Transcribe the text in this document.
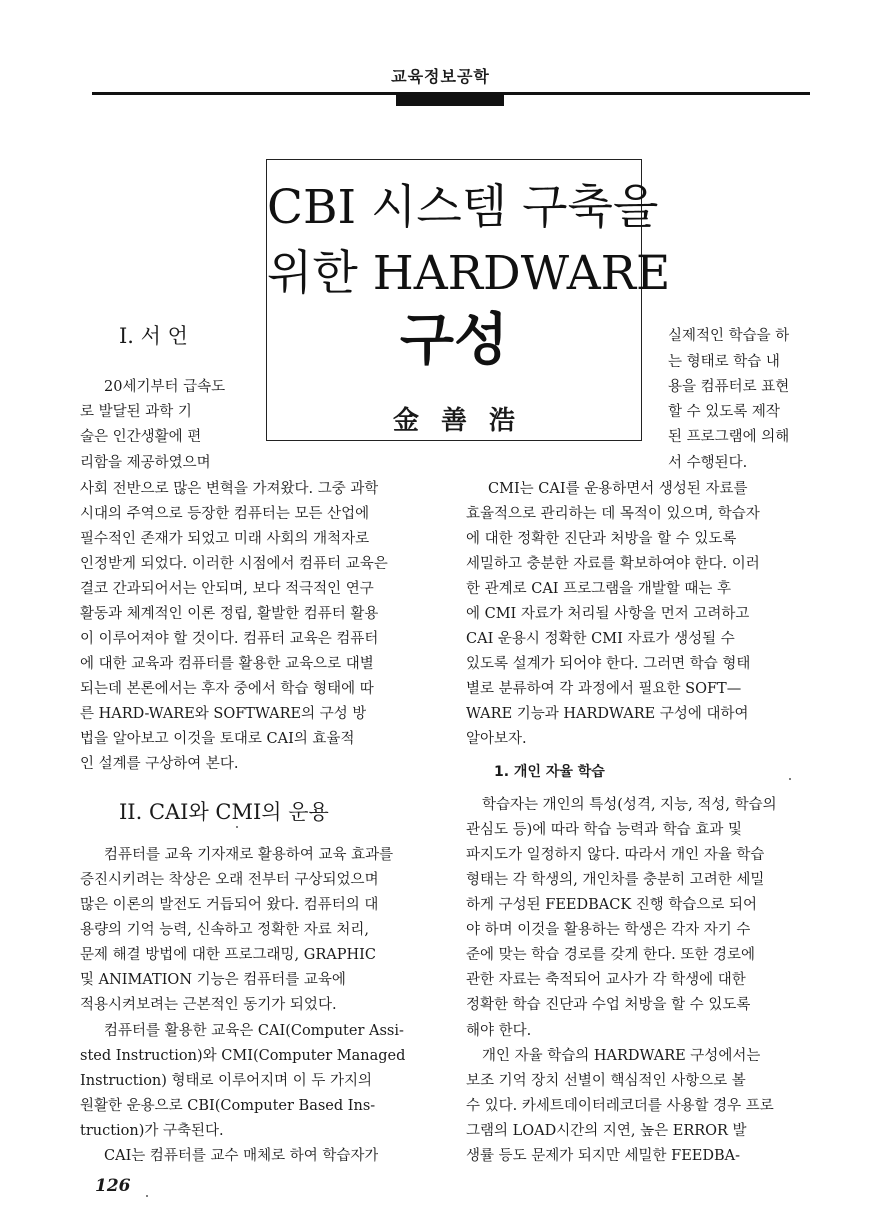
교육정보공학
CBI 시스템 구축을
위한 HARDWARE
구성
金善浩
I. 서 언
20세기부터 급속도
로 발달된 과학 기
술은 인간생활에 편
리함을 제공하였으며
사회 전반으로 많은 변혁을 가져왔다. 그중 과학
시대의 주역으로 등장한 컴퓨터는 모든 산업에
필수적인 존재가 되었고 미래 사회의 개척자로
인정받게 되었다. 이러한 시점에서 컴퓨터 교육은
결코 간과되어서는 안되며, 보다 적극적인 연구
활동과 체계적인 이론 정립, 활발한 컴퓨터 활용
이 이루어져야 할 것이다. 컴퓨터 교육은 컴퓨터
에 대한 교육과 컴퓨터를 활용한 교육으로 대별
되는데 본론에서는 후자 중에서 학습 형태에 따
른 HARD-WARE와 SOFTWARE의 구성 방
법을 알아보고 이것을 토대로 CAI의 효율적
인 설계를 구상하여 본다.
II. CAI와 CMI의 운용
컴퓨터를 교육 기자재로 활용하여 교육 효과를
증진시키려는 착상은 오래 전부터 구상되었으며
많은 이론의 발전도 거듭되어 왔다. 컴퓨터의 대
용량의 기억 능력, 신속하고 정확한 자료 처리,
문제 해결 방법에 대한 프로그래밍, GRAPHIC
및 ANIMATION 기능은 컴퓨터를 교육에
적용시켜보려는 근본적인 동기가 되었다.
컴퓨터를 활용한 교육은 CAI(Computer Assi-
sted Instruction)와 CMI(Computer Managed
Instruction) 형태로 이루어지며 이 두 가지의
원활한 운용으로 CBI(Computer Based Ins-
truction)가 구축된다.
CAI는 컴퓨터를 교수 매체로 하여 학습자가
실제적인 학습을 하
는 형태로 학습 내
용을 컴퓨터로 표현
할 수 있도록 제작
된 프로그램에 의해
서 수행된다.
CMI는 CAI를 운용하면서 생성된 자료를
효율적으로 관리하는 데 목적이 있으며, 학습자
에 대한 정확한 진단과 처방을 할 수 있도록
세밀하고 충분한 자료를 확보하여야 한다. 이러
한 관계로 CAI 프로그램을 개발할 때는 후
에 CMI 자료가 처리될 사항을 먼저 고려하고
CAI 운용시 정확한 CMI 자료가 생성될 수
있도록 설계가 되어야 한다. 그러면 학습 형태
별로 분류하여 각 과정에서 필요한 SOFT—
WARE 기능과 HARDWARE 구성에 대하여
알아보자.
1. 개인 자율 학습
학습자는 개인의 특성(성격, 지능, 적성, 학습의
관심도 등)에 따라 학습 능력과 학습 효과 및
파지도가 일정하지 않다. 따라서 개인 자율 학습
형태는 각 학생의, 개인차를 충분히 고려한 세밀
하게 구성된 FEEDBACK 진행 학습으로 되어
야 하며 이것을 활용하는 학생은 각자 자기 수
준에 맞는 학습 경로를 갖게 한다. 또한 경로에
관한 자료는 축적되어 교사가 각 학생에 대한
정확한 학습 진단과 수업 처방을 할 수 있도록
해야 한다.
개인 자율 학습의 HARDWARE 구성에서는
보조 기억 장치 선별이 핵심적인 사항으로 볼
수 있다. 카세트데이터레코더를 사용할 경우 프로
그램의 LOAD시간의 지연, 높은 ERROR 발
생률 등도 문제가 되지만 세밀한 FEEDBA-
126
